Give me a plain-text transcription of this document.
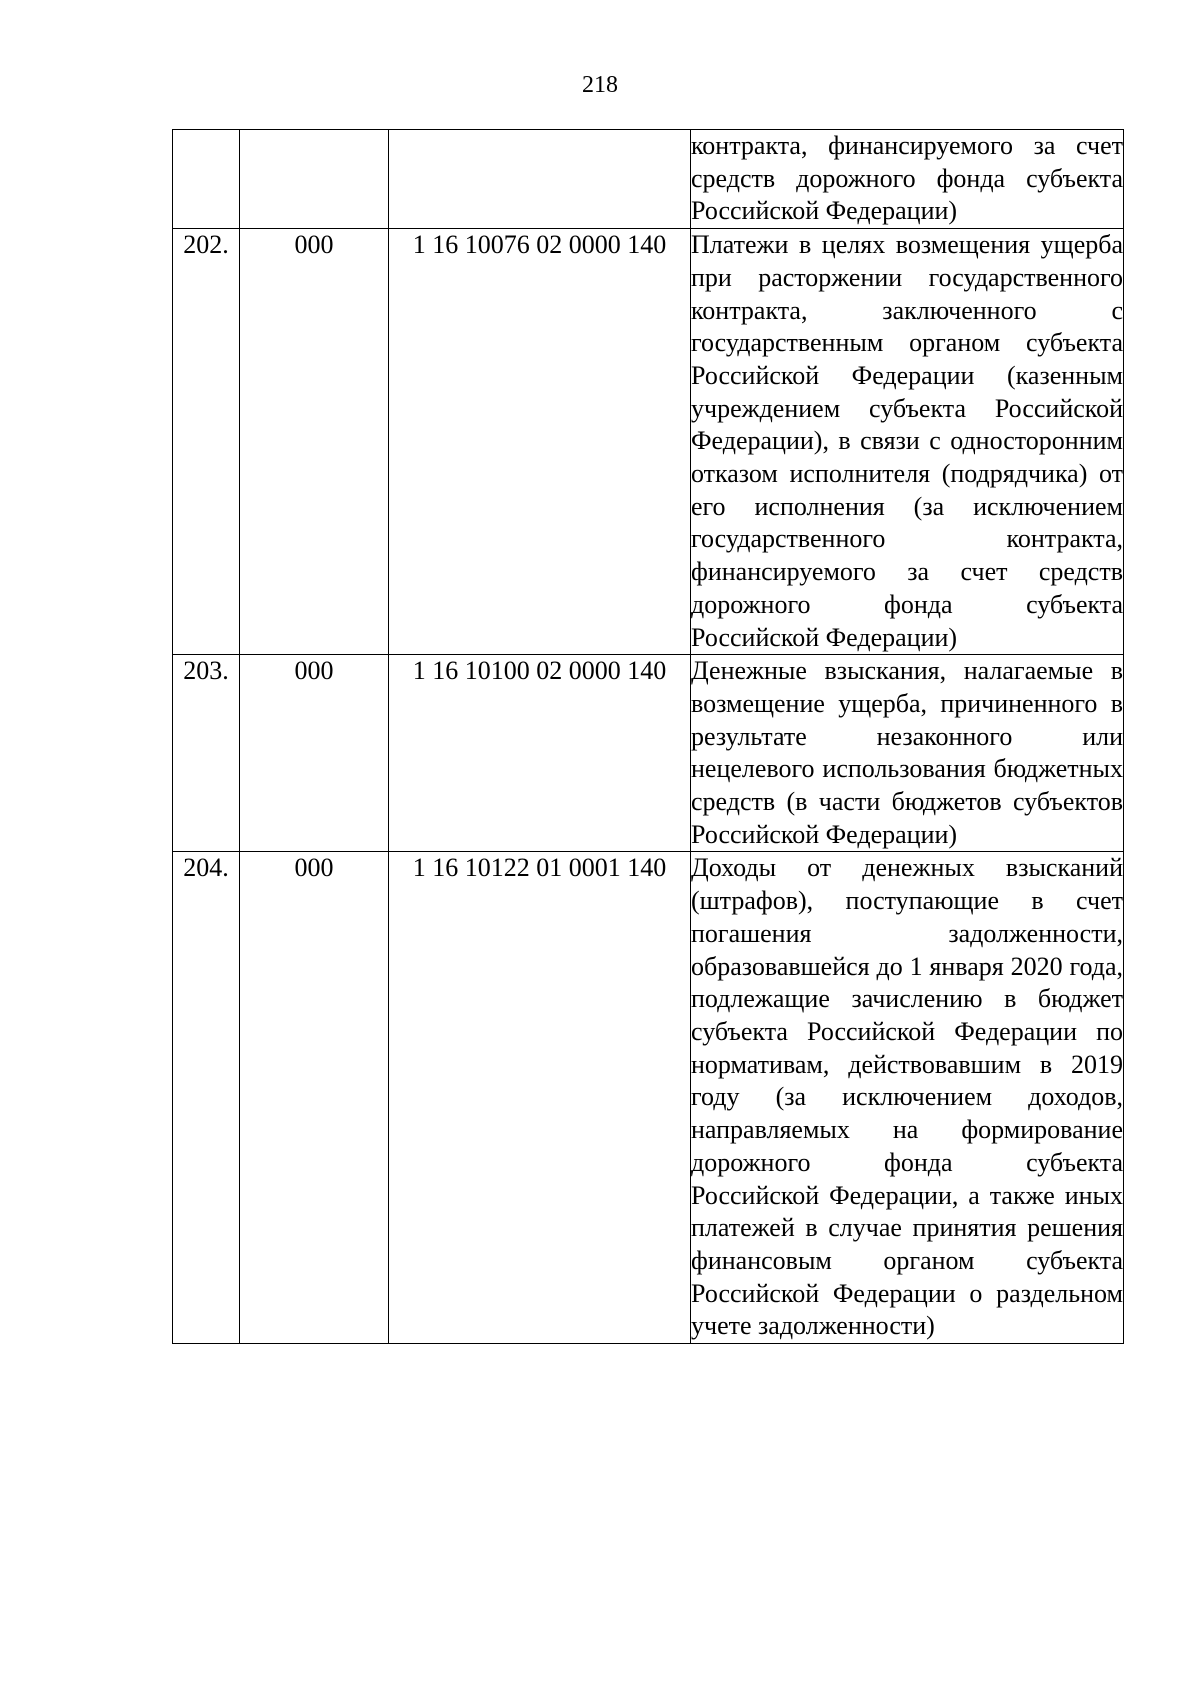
218
			контракта, финансируемого за счет средств дорожного фонда субъекта Российской Федерации)
202.	000	1 16 10076 02 0000 140	Платежи в целях возмещения ущерба при расторжении государственного контракта, заключенного с государственным органом субъекта Российской Федерации (казенным учреждением субъекта Российской Федерации), в связи с односторонним отказом исполнителя (подрядчика) от его исполнения (за исключением государственного контракта, финансируемого за счет средств дорожного фонда субъекта Российской Федерации)
203.	000	1 16 10100 02 0000 140	Денежные взыскания, налагаемые в возмещение ущерба, причиненного в результате незаконного или нецелевого использования бюджетных средств (в части бюджетов субъектов Российской Федерации)
204.	000	1 16 10122 01 0001 140	Доходы от денежных взысканий (штрафов), поступающие в счет погашения задолженности, образовавшейся до 1 января 2020 года, подлежащие зачислению в бюджет субъекта Российской Федерации по нормативам, действовавшим в 2019 году (за исключением доходов, направляемых на формирование дорожного фонда субъекта Российской Федерации, а также иных платежей в случае принятия решения финансовым органом субъекта Российской Федерации о раздельном учете задолженности)
